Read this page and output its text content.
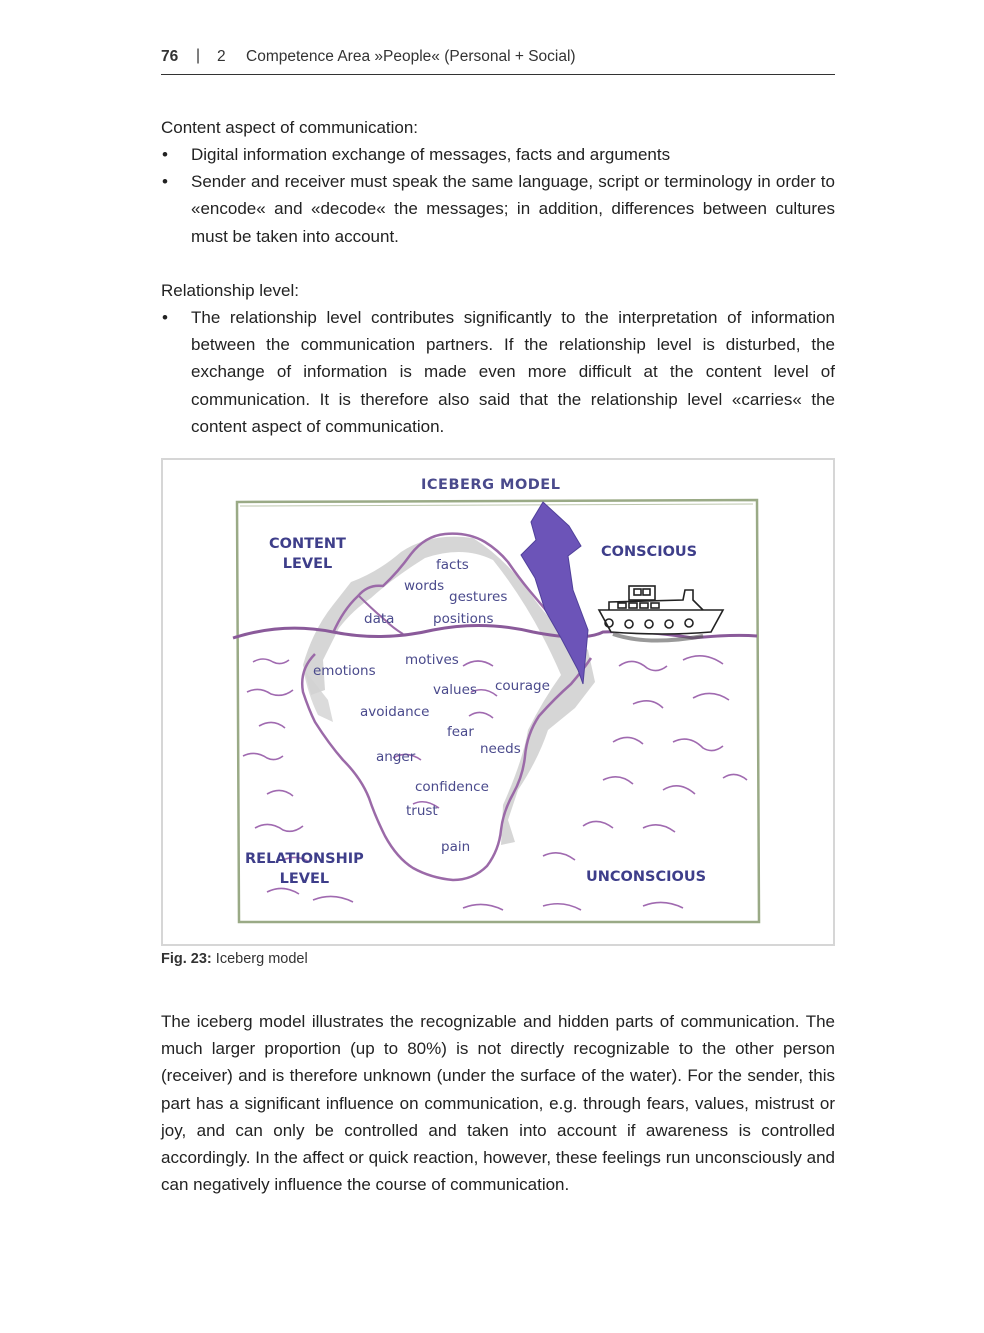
76 | 2 Competence Area »People« (Personal + Social)

Content aspect of communication:

• Digital information exchange of messages, facts and arguments
• Sender and receiver must speak the same language, script or terminology in order to «encode« and «decode« the messages; in addition, differences between cultures must be taken into account.

Relationship level:

• The relationship level contributes significantly to the interpretation of information between the communication partners. If the relationship level is disturbed, the exchange of information is made even more difficult at the content level of communication. It is therefore also said that the relationship level «carries« the content aspect of communication.
ICEBERG MODEL
CONTENT
LEVEL
CONSCIOUS
RELATIONSHIP
LEVEL	UNCONSCIOUS
facts
words
gestures
data	positions
motives
emotions
values courage
avoidance
fear
needs
anger
confidence
trust
pain
Fig. 23: Iceberg model

The iceberg model illustrates the recognizable and hidden parts of communication. The much larger proportion (up to 80%) is not directly recognizable to the other person (receiver) and is therefore unknown (under the surface of the water). For the sender, this part has a significant influence on communication, e.g. through fears, values, mistrust or joy, and can only be controlled and taken into account if awareness is controlled accordingly. In the affect or quick reaction, however, these feelings run unconsciously and can negatively influence the course of communication.
